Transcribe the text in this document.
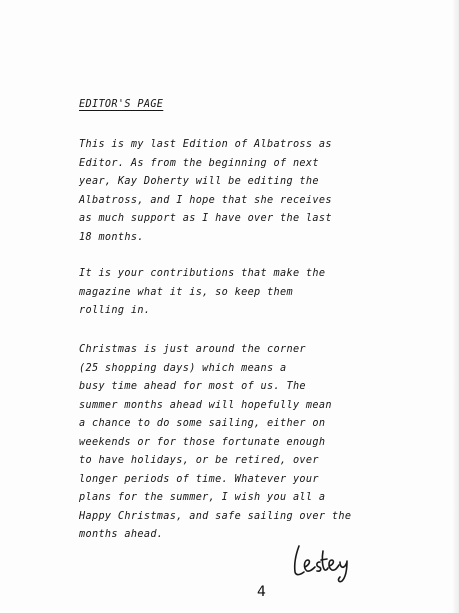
EDITOR'S PAGE
This is my last Edition of Albatross as
Editor. As from the beginning of next
year, Kay Doherty will be editing the
Albatross, and I hope that she receives
as much support as I have over the last
18 months.
It is your contributions that make the
magazine what it is, so keep them
rolling in.
Christmas is just around the corner
(25 shopping days) which means a
busy time ahead for most of us. The
summer months ahead will hopefully mean
a chance to do some sailing, either on
weekends or for those fortunate enough
to have holidays, or be retired, over
longer periods of time. Whatever your
plans for the summer, I wish you all a
Happy Christmas, and safe sailing over the
months ahead.
4
